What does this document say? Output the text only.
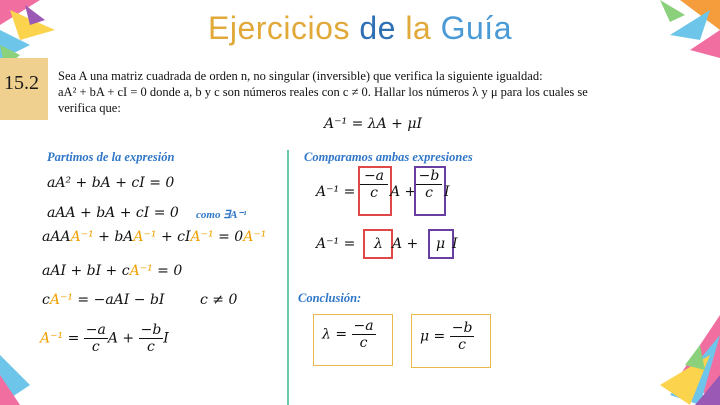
Ejercicios de la Guía
15.2 Sea A una matriz cuadrada de orden n, no singular (inversible) que verifica la siguiente igualdad:
aA² + bA + cI = 0 donde a, b y c son números reales con c ≠ 0. Hallar los números λ y μ para los cuales se
verifica que:
A⁻¹ = λA + μI
Partimos de la expresión
aA² + bA + cI = 0
aAA + bA + cI = 0 como ∃A⁻¹
aAAA⁻¹ + bAA⁻¹ + cIA⁻¹ = 0A⁻¹
aAI + bI + cA⁻¹ = 0
cA⁻¹ = −aAI − bI	c ≠ 0
$A^{-1} = \frac{-a}{c}$ $A + \frac{-b}{c}$ I
Comparamos ambas expresiones
$A^{-1} = \frac{-a}{c}$ $A + \frac{-b}{c}$ I
A⁻¹ = λ A + μ I
Conclusión:
$\lambda = \frac{-a}{c}$	$\mu = \frac{-b}{c}$
